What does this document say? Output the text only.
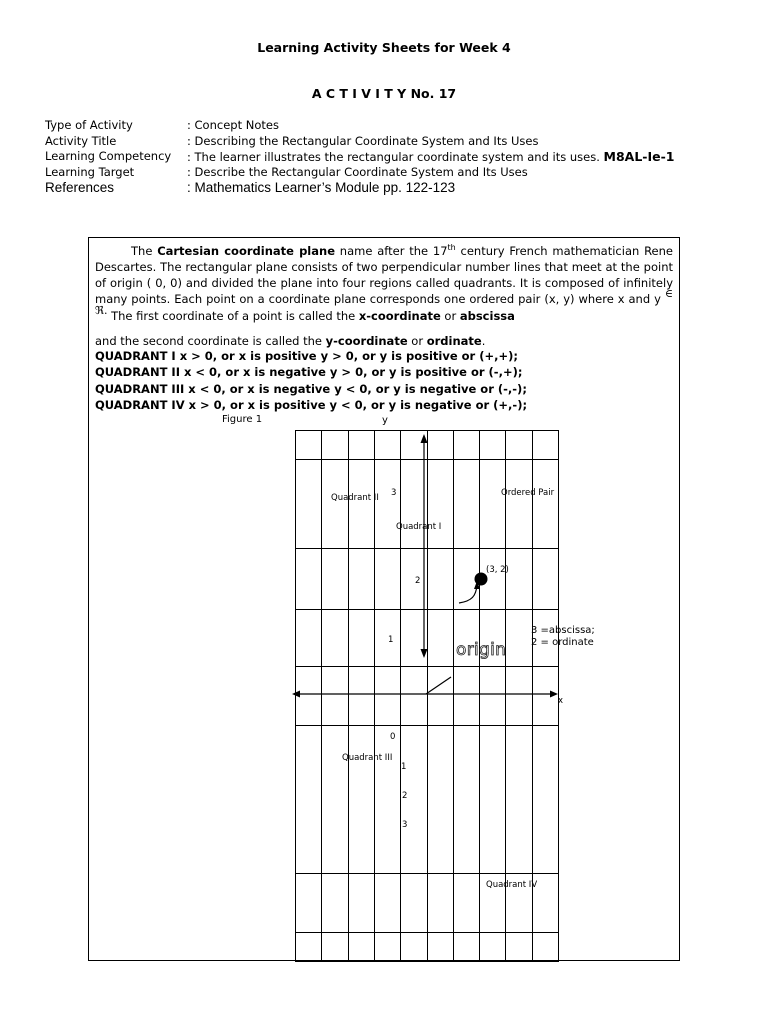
Learning Activity Sheets for Week 4
A C T I V I T Y No. 17
Type of Activity	: Concept Notes
Activity Title	: Describing the Rectangular Coordinate System and Its Uses
Learning Competency : The learner illustrates the rectangular coordinate system and its uses. M8AL-Ie-1
Learning Target	: Describe the Rectangular Coordinate System and Its Uses
References	: Mathematics Learner’s Module pp. 122-123
The Cartesian coordinate plane name after the 17th century French mathematician Rene Descartes. The rectangular plane consists of two perpendicular number lines that meet at the point of origin ( 0, 0) and divided the plane into four regions called quadrants. It is composed of infinitely many points. Each point on a coordinate plane corresponds one ordered pair (x, y) where x and y ∈ ℜ. The first coordinate of a point is called the x-coordinate or abscissa
and the second coordinate is called the y-coordinate or ordinate.
QUADRANT I x > 0, or x is positive y > 0, or y is positive or (+,+);
QUADRANT II x < 0, or x is negative y > 0, or y is positive or (-,+);
QUADRANT III x < 0, or x is negative y < 0, or y is negative or (-,-);
QUADRANT IV x > 0, or x is positive y < 0, or y is negative or (+,-);
Figure 1	y
Quadrant II 3	Ordered Pair
Quadrant I
(3, 2)
2
1
3 =abscissa;
2 = ordinate
origin
x
0
Quadrant III
1
2
3
Quadrant IV
